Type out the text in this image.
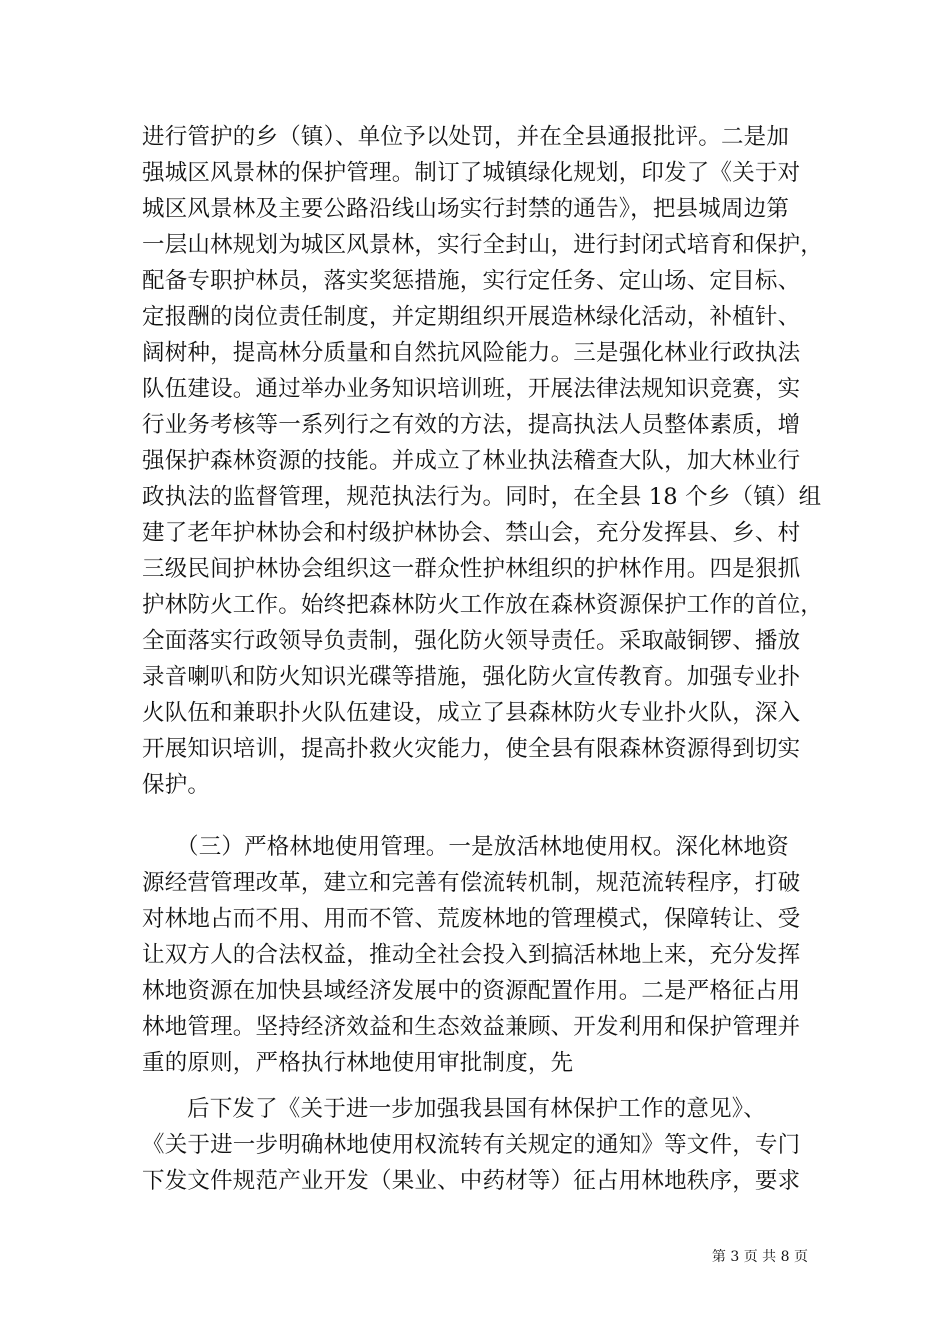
进行管护的乡（镇）、单位予以处罚，并在全县通报批评。二是加
强城区风景林的保护管理。制订了城镇绿化规划，印发了《关于对
城区风景林及主要公路沿线山场实行封禁的通告》，把县城周边第
一层山林规划为城区风景林，实行全封山，进行封闭式培育和保护，
配备专职护林员，落实奖惩措施，实行定任务、定山场、定目标、
定报酬的岗位责任制度，并定期组织开展造林绿化活动，补植针、
阔树种，提高林分质量和自然抗风险能力。三是强化林业行政执法
队伍建设。通过举办业务知识培训班，开展法律法规知识竞赛，实
行业务考核等一系列行之有效的方法，提高执法人员整体素质，增
强保护森林资源的技能。并成立了林业执法稽查大队，加大林业行
政执法的监督管理，规范执法行为。同时，在全县 18 个乡（镇）组
建了老年护林协会和村级护林协会、禁山会，充分发挥县、乡、村
三级民间护林协会组织这一群众性护林组织的护林作用。四是狠抓
护林防火工作。始终把森林防火工作放在森林资源保护工作的首位，
全面落实行政领导负责制，强化防火领导责任。采取敲铜锣、播放
录音喇叭和防火知识光碟等措施，强化防火宣传教育。加强专业扑
火队伍和兼职扑火队伍建设，成立了县森林防火专业扑火队，深入
开展知识培训，提高扑救火灾能力，使全县有限森林资源得到切实
保护。
（三）严格林地使用管理。一是放活林地使用权。深化林地资
源经营管理改革，建立和完善有偿流转机制，规范流转程序，打破
对林地占而不用、用而不管、荒废林地的管理模式，保障转让、受
让双方人的合法权益，推动全社会投入到搞活林地上来，充分发挥
林地资源在加快县域经济发展中的资源配置作用。二是严格征占用
林地管理。坚持经济效益和生态效益兼顾、开发利用和保护管理并
重的原则，严格执行林地使用审批制度，先
后下发了《关于进一步加强我县国有林保护工作的意见》、
《关于进一步明确林地使用权流转有关规定的通知》等文件，专门
下发文件规范产业开发（果业、中药材等）征占用林地秩序，要求
第 3 页 共 8 页
